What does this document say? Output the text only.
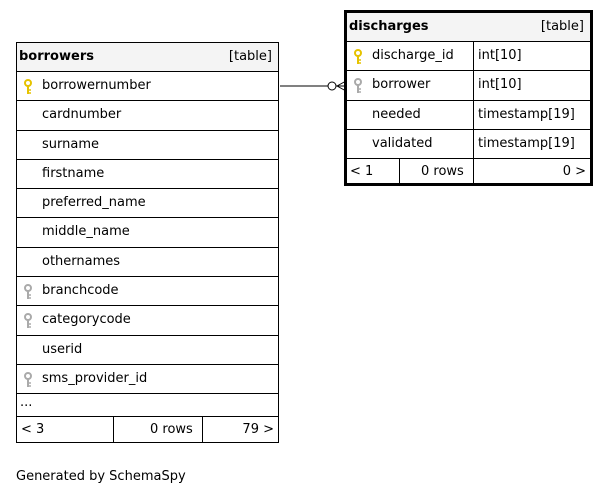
borrowers	[table]
borrowernumber
cardnumber
surname
firstname
preferred_name
middle_name
othernames
branchcode
categorycode
userid
sms_provider_id
...
< 3	0 rows	79 >
discharges	[table]
discharge_id int[10]
borrower	int[10]
needed	timestamp[19]
validated	timestamp[19]
< 1	0 rows	0 >
Generated by SchemaSpy
